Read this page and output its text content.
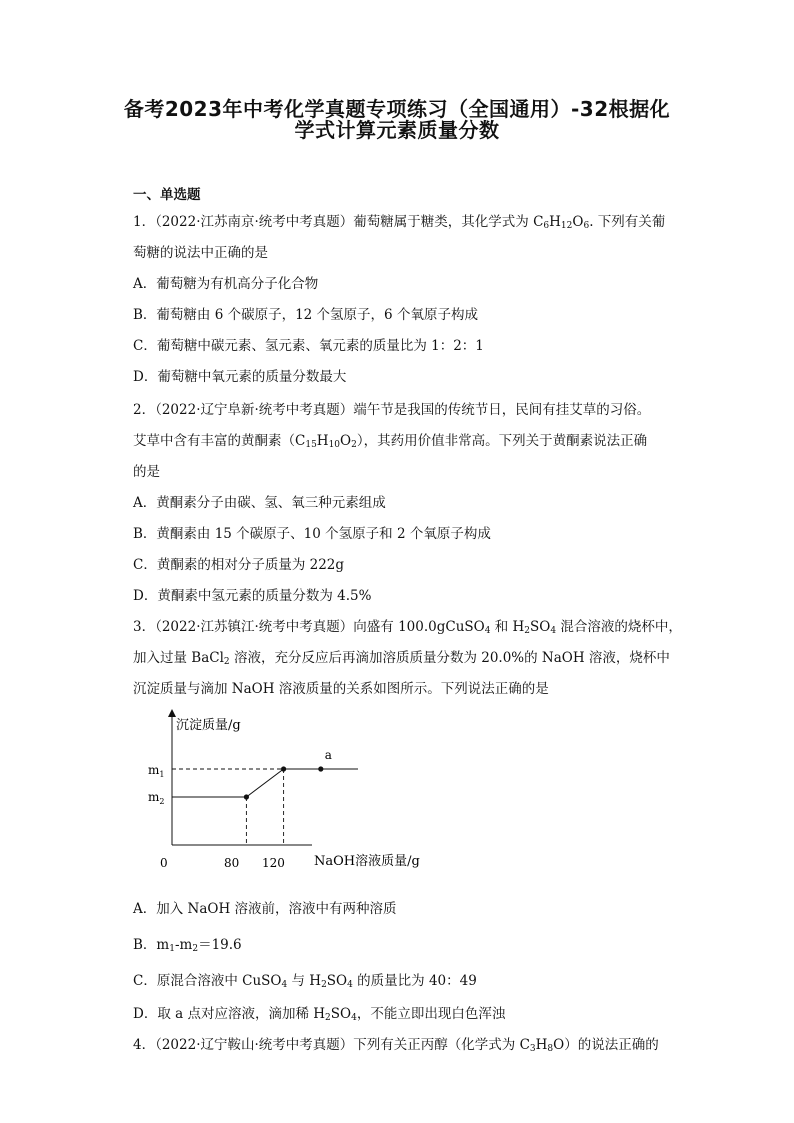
备考2023年中考化学真题专项练习（全国通用）-32根据化
学式计算元素质量分数
一、单选题
1．（2022·江苏南京·统考中考真题）葡萄糖属于糖类，其化学式为 $C_6H_{12}O_6$. 下列有关葡
萄糖的说法中正确的是
A．葡萄糖为有机高分子化合物
B．葡萄糖由 6 个碳原子，12 个氢原子，6 个氧原子构成
C．葡萄糖中碳元素、氢元素、氧元素的质量比为 1：2：1
D．葡萄糖中氧元素的质量分数最大
2．（2022·辽宁阜新·统考中考真题）端午节是我国的传统节日，民间有挂艾草的习俗。
艾草中含有丰富的黄酮素$(C_{15}H_{10}O_2)$，其药用价值非常高。下列关于黄酮素说法正确
的是
A．黄酮素分子由碳、氢、氧三种元素组成
B．黄酮素由 15 个碳原子、10 个氢原子和 2 个氧原子构成
C．黄酮素的相对分子质量为 222g
D．黄酮素中氢元素的质量分数为 4.5%
3．（2022·江苏镇江·统考中考真题）向盛有 100.0gCuSO$_4$ 和 $H_2SO_4$ 混合溶液的烧杯中，
加入过量 BaCl$_2$ 溶液，充分反应后再滴加溶质质量分数为 20.0%的 NaOH 溶液，烧杯中
沉淀质量与滴加 NaOH 溶液质量的关系如图所示。下列说法正确的是
沉淀质量/g
NaOH溶液质量/g
0	80 120
$m_1$
$m_2$
a
A．加入 NaOH 溶液前，溶液中有两种溶质
B．$m_1-m_2=19.6$
C．原混合溶液中 CuSO$_4$ 与 $H_2SO_4$ 的质量比为 40：49
D．取 a 点对应溶液，滴加稀 $H_2SO_4$，不能立即出现白色浑浊
4．（2022·辽宁鞍山·统考中考真题）下列有关正丙醇（化学式为 $C_3H_8O$）的说法正确的
